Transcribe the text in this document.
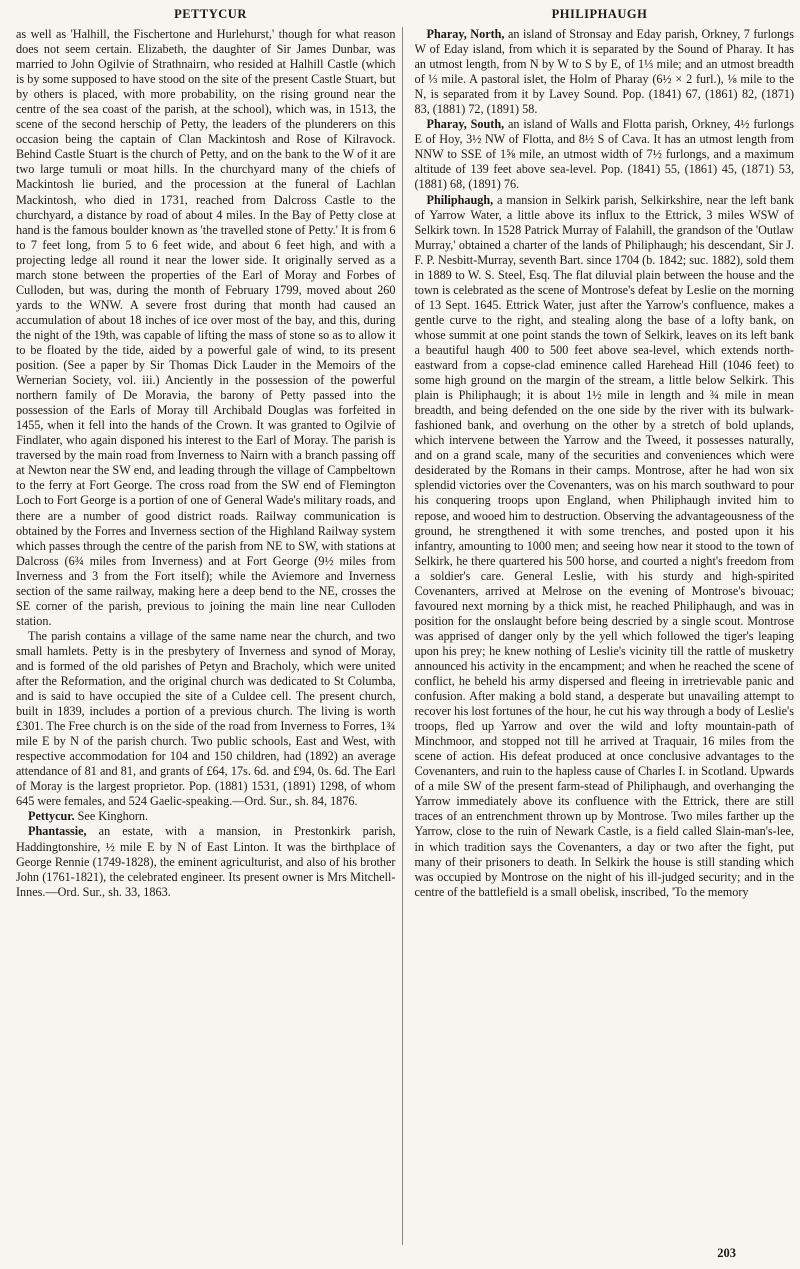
PETTYCUR	PHILIPHAUGH

as well as 'Halhill, the Fischertone and Hurlehurst,' though for what reason does not seem certain. Elizabeth, the daughter of Sir James Dunbar, was married to John Ogilvie of Strathnairn, who resided at Halhill Castle (which is by some supposed to have stood on the site of the present Castle Stuart, but by others is placed, with more probability, on the rising ground near the centre of the sea coast of the parish, at the school), which was, in 1513, the scene of the second herschip of Petty, the leaders of the plunderers on this occasion being the captain of Clan Mackintosh and Rose of Kilravock. Behind Castle Stuart is the church of Petty, and on the bank to the W of it are two large tumuli or moat hills. In the churchyard many of the chiefs of Mackintosh lie buried, and the procession at the funeral of Lachlan Mackintosh, who died in 1731, reached from Dalcross Castle to the churchyard, a distance by road of about 4 miles. In the Bay of Petty close at hand is the famous boulder known as 'the travelled stone of Petty.' It is from 6 to 7 feet long, from 5 to 6 feet wide, and about 6 feet high, and with a projecting ledge all round it near the lower side. It originally served as a march stone between the properties of the Earl of Moray and Forbes of Culloden, but was, during the month of February 1799, moved about 260 yards to the WNW. A severe frost during that month had caused an accumulation of about 18 inches of ice over most of the bay, and this, during the night of the 19th, was capable of lifting the mass of stone so as to allow it to be floated by the tide, aided by a powerful gale of wind, to its present position. (See a paper by Sir Thomas Dick Lauder in the Memoirs of the Wernerian Society, vol. iii.) Anciently in the possession of the powerful northern family of De Moravia, the barony of Petty passed into the possession of the Earls of Moray till Archibald Douglas was forfeited in 1455, when it fell into the hands of the Crown. It was granted to Ogilvie of Findlater, who again disponed his interest to the Earl of Moray. The parish is traversed by the main road from Inverness to Nairn with a branch passing off at Newton near the SW end, and leading through the village of Campbeltown to the ferry at Fort George. The cross road from the SW end of Flemington Loch to Fort George is a portion of one of General Wade's military roads, and there are a number of good district roads. Railway communication is obtained by the Forres and Inverness section of the Highland Railway system which passes through the centre of the parish from NE to SW, with stations at Dalcross (6¾ miles from Inverness) and at Fort George (9½ miles from Inverness and 3 from the Fort itself); while the Aviemore and Inverness section of the same railway, making here a deep bend to the NE, crosses the SE corner of the parish, previous to joining the main line near Culloden station.

The parish contains a village of the same name near the church, and two small hamlets. Petty is in the presbytery of Inverness and synod of Moray, and is formed of the old parishes of Petyn and Bracholy, which were united after the Reformation, and the original church was dedicated to St Columba, and is said to have occupied the site of a Culdee cell. The present church, built in 1839, includes a portion of a previous church. The living is worth £301. The Free church is on the side of the road from Inverness to Forres, 1¾ mile E by N of the parish church. Two public schools, East and West, with respective accommodation for 104 and 150 children, had (1892) an average attendance of 81 and 81, and grants of £64, 17s. 6d. and £94, 0s. 6d. The Earl of Moray is the largest proprietor. Pop. (1881) 1531, (1891) 1298, of whom 645 were females, and 524 Gaelic-speaking.—Ord. Sur., sh. 84, 1876.

Pettycur. See Kinghorn.

Phantassie, an estate, with a mansion, in Prestonkirk parish, Haddingtonshire, ½ mile E by N of East Linton. It was the birthplace of George Rennie (1749-1828), the eminent agriculturist, and also of his brother John (1761-1821), the celebrated engineer. Its present owner is Mrs Mitchell-Innes.—Ord. Sur., sh. 33, 1863.

Pharay, North, an island of Stronsay and Eday parish, Orkney, 7 furlongs W of Eday island, from which it is separated by the Sound of Pharay. It has an utmost length, from N by W to S by E, of 1⅓ mile; and an utmost breadth of ⅓ mile. A pastoral islet, the Holm of Pharay (6½ × 2 furl.), ⅛ mile to the N, is separated from it by Lavey Sound. Pop. (1841) 67, (1861) 82, (1871) 83, (1881) 72, (1891) 58.

Pharay, South, an island of Walls and Flotta parish, Orkney, 4½ furlongs E of Hoy, 3½ NW of Flotta, and 8½ S of Cava. It has an utmost length from NNW to SSE of 1⅝ mile, an utmost width of 7½ furlongs, and a maximum altitude of 139 feet above sea-level. Pop. (1841) 55, (1861) 45, (1871) 53, (1881) 68, (1891) 76.

Philiphaugh, a mansion in Selkirk parish, Selkirkshire, near the left bank of Yarrow Water, a little above its influx to the Ettrick, 3 miles WSW of Selkirk town. In 1528 Patrick Murray of Falahill, the grandson of the 'Outlaw Murray,' obtained a charter of the lands of Philiphaugh; his descendant, Sir J. F. P. Nesbitt-Murray, seventh Bart. since 1704 (b. 1842; suc. 1882), sold them in 1889 to W. S. Steel, Esq. The flat diluvial plain between the house and the town is celebrated as the scene of Montrose's defeat by Leslie on the morning of 13 Sept. 1645. Ettrick Water, just after the Yarrow's confluence, makes a gentle curve to the right, and stealing along the base of a lofty bank, on whose summit at one point stands the town of Selkirk, leaves on its left bank a beautiful haugh 400 to 500 feet above sea-level, which extends north-eastward from a copse-clad eminence called Harehead Hill (1046 feet) to some high ground on the margin of the stream, a little below Selkirk. This plain is Philiphaugh; it is about 1½ mile in length and ¾ mile in mean breadth, and being defended on the one side by the river with its bulwark-fashioned bank, and overhung on the other by a stretch of bold uplands, which intervene between the Yarrow and the Tweed, it possesses naturally, and on a grand scale, many of the securities and conveniences which were desiderated by the Romans in their camps. Montrose, after he had won six splendid victories over the Covenanters, was on his march southward to pour his conquering troops upon England, when Philiphaugh invited him to repose, and wooed him to destruction. Observing the advantageousness of the ground, he strengthened it with some trenches, and posted upon it his infantry, amounting to 1000 men; and seeing how near it stood to the town of Selkirk, he there quartered his 500 horse, and courted a night's freedom from a soldier's care. General Leslie, with his sturdy and high-spirited Covenanters, arrived at Melrose on the evening of Montrose's bivouac; favoured next morning by a thick mist, he reached Philiphaugh, and was in position for the onslaught before being descried by a single scout. Montrose was apprised of danger only by the yell which followed the tiger's leaping upon his prey; he knew nothing of Leslie's vicinity till the rattle of musketry announced his activity in the encampment; and when he reached the scene of conflict, he beheld his army dispersed and fleeing in irretrievable panic and confusion. After making a bold stand, a desperate but unavailing attempt to recover his lost fortunes of the hour, he cut his way through a body of Leslie's troops, fled up Yarrow and over the wild and lofty mountain-path of Minchmoor, and stopped not till he arrived at Traquair, 16 miles from the scene of action. His defeat produced at once conclusive advantages to the Covenanters, and ruin to the hapless cause of Charles I. in Scotland. Upwards of a mile SW of the present farm-stead of Philiphaugh, and overhanging the Yarrow immediately above its confluence with the Ettrick, there are still traces of an entrenchment thrown up by Montrose. Two miles farther up the Yarrow, close to the ruin of Newark Castle, is a field called Slain-man's-lee, in which tradition says the Covenanters, a day or two after the fight, put many of their prisoners to death. In Selkirk the house is still standing which was occupied by Montrose on the night of his ill-judged security; and in the centre of the battlefield is a small obelisk, inscribed, 'To the memory

203
